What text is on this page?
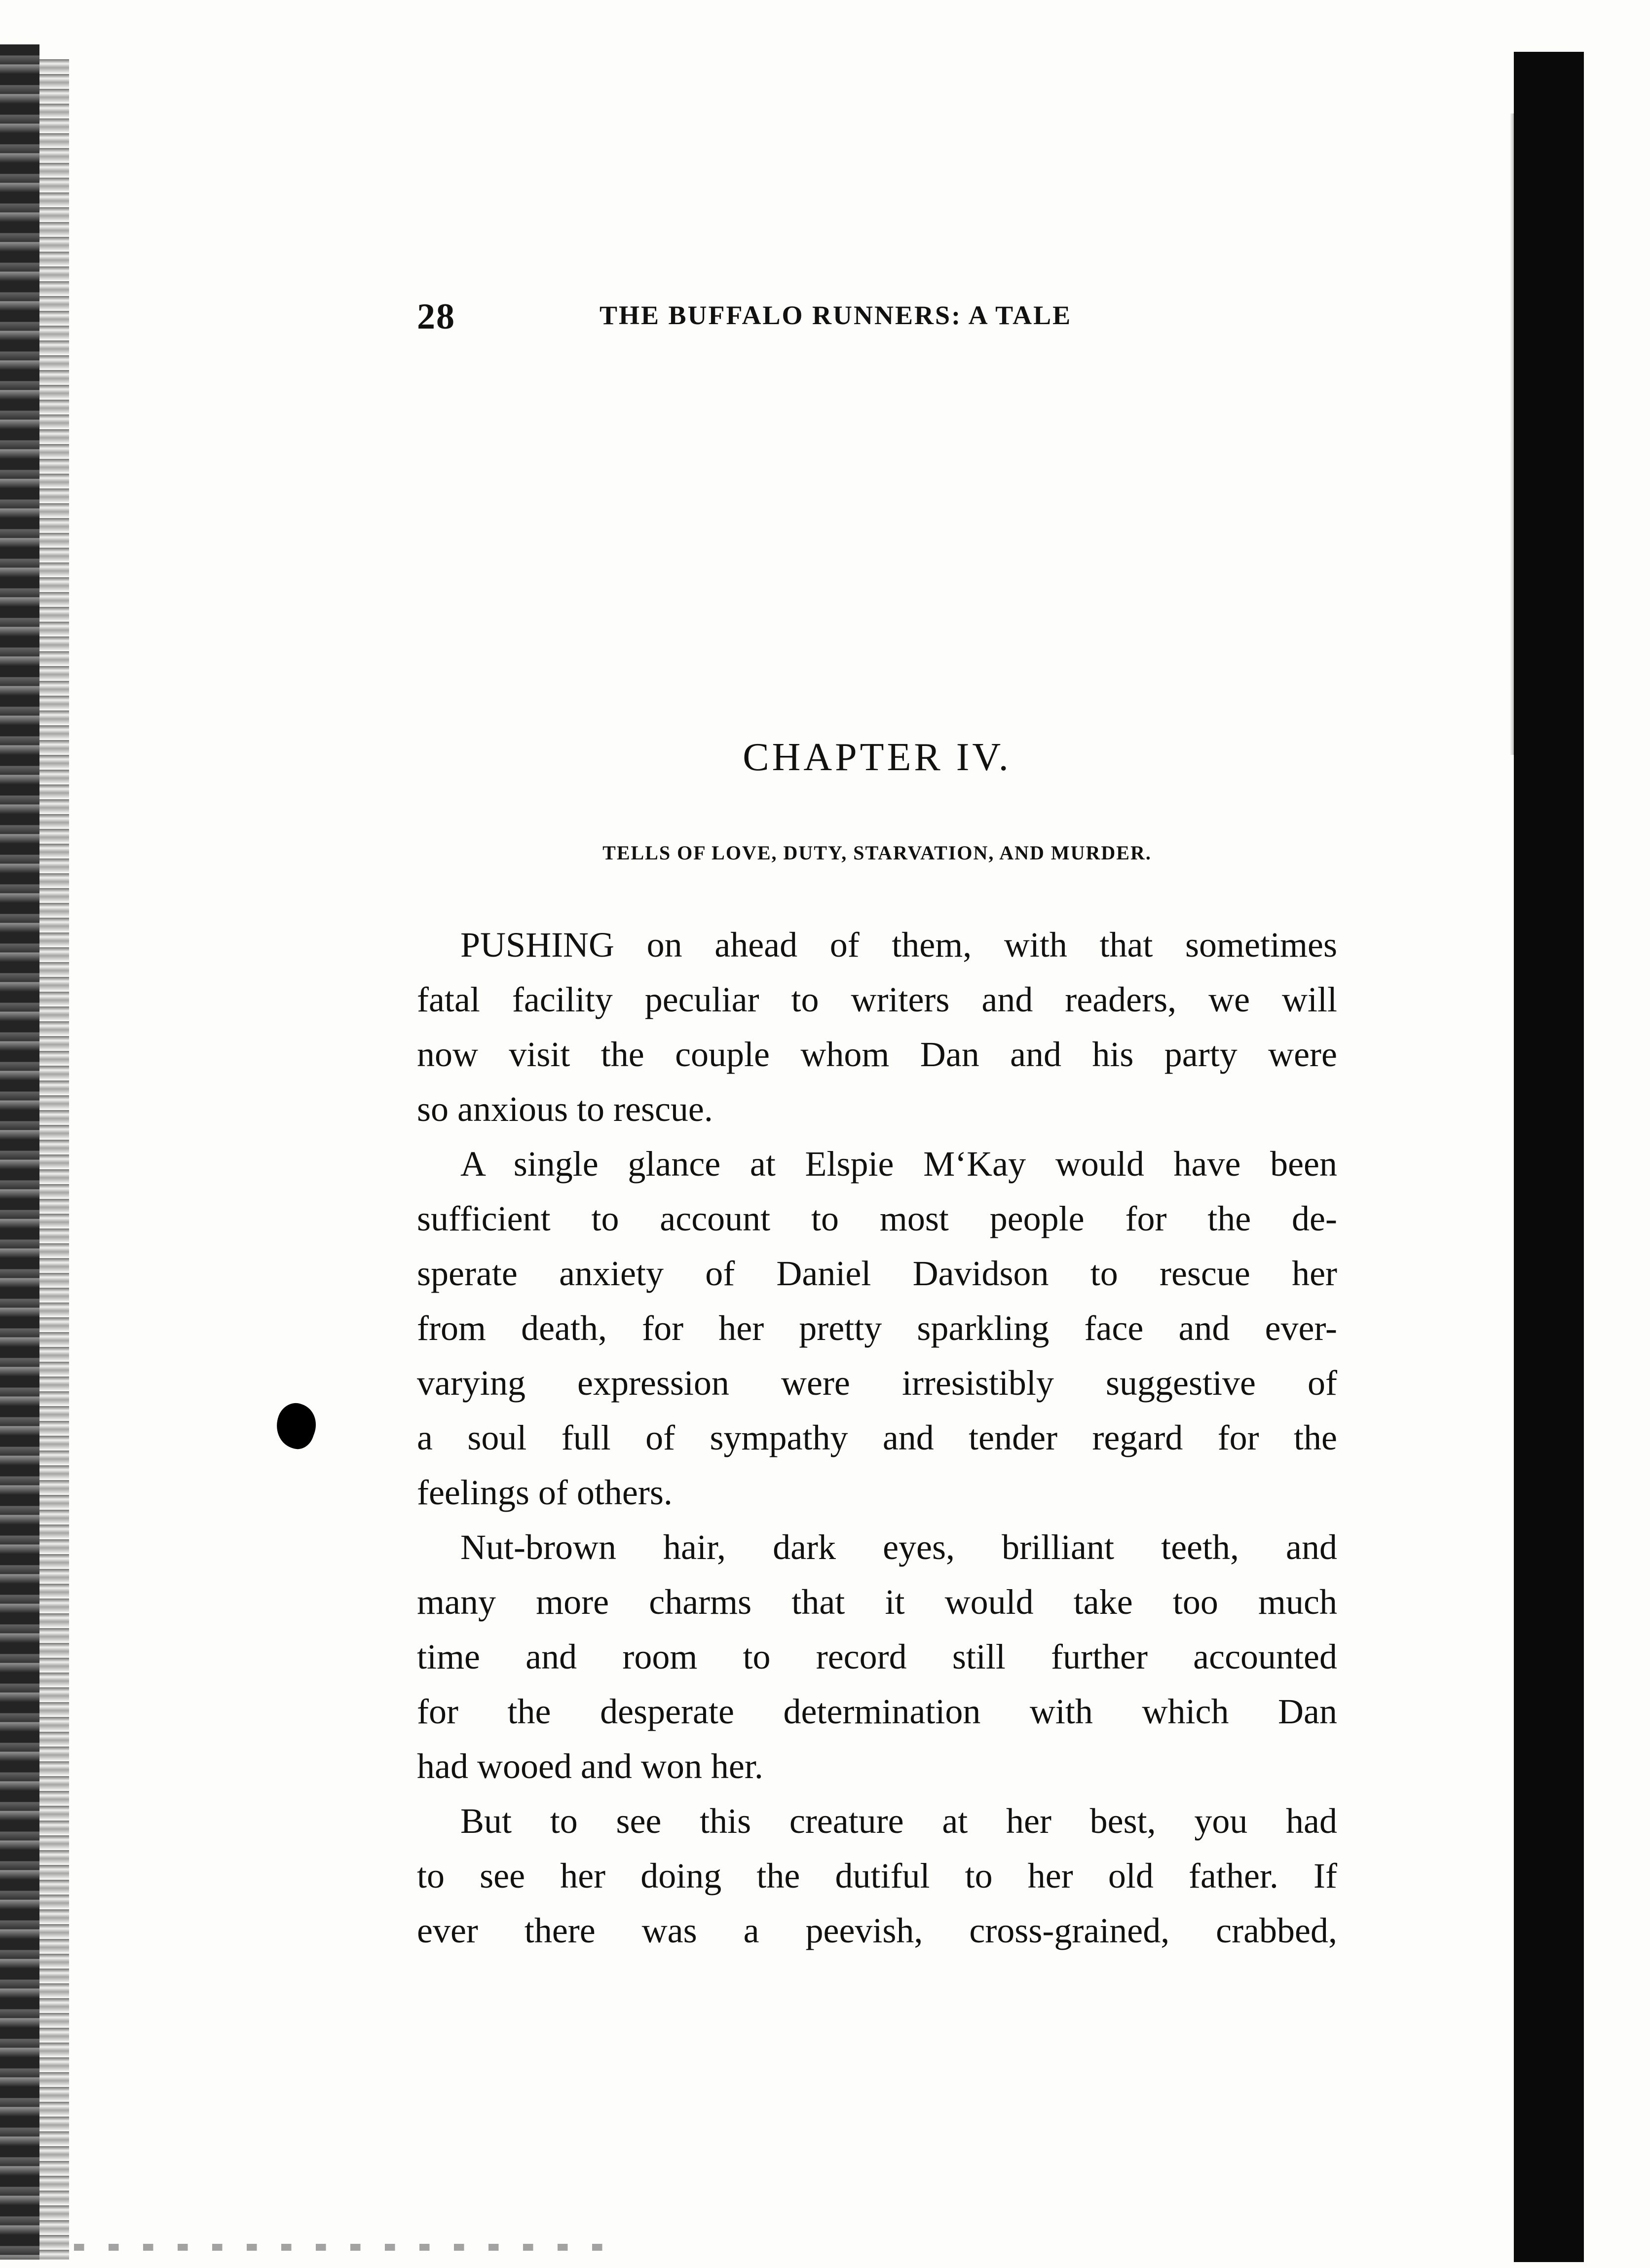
28	THE BUFFALO RUNNERS: A TALE
CHAPTER IV.
TELLS OF LOVE, DUTY, STARVATION, AND MURDER.

PUSHING on ahead of them, with that sometimes
fatal facility peculiar to writers and readers, we will
now visit the couple whom Dan and his party were
so anxious to rescue.

A single glance at Elspie M‘Kay would have been
sufficient to account to most people for the de-
sperate anxiety of Daniel Davidson to rescue her
from death, for her pretty sparkling face and ever-
varying expression were irresistibly suggestive of
a soul full of sympathy and tender regard for the
feelings of others.

Nut-brown hair, dark eyes, brilliant teeth, and
many more charms that it would take too much
time and room to record still further accounted
for the desperate determination with which Dan
had wooed and won her.

But to see this creature at her best, you had
to see her doing the dutiful to her old father. If
ever there was a peevish, cross-grained, crabbed,
